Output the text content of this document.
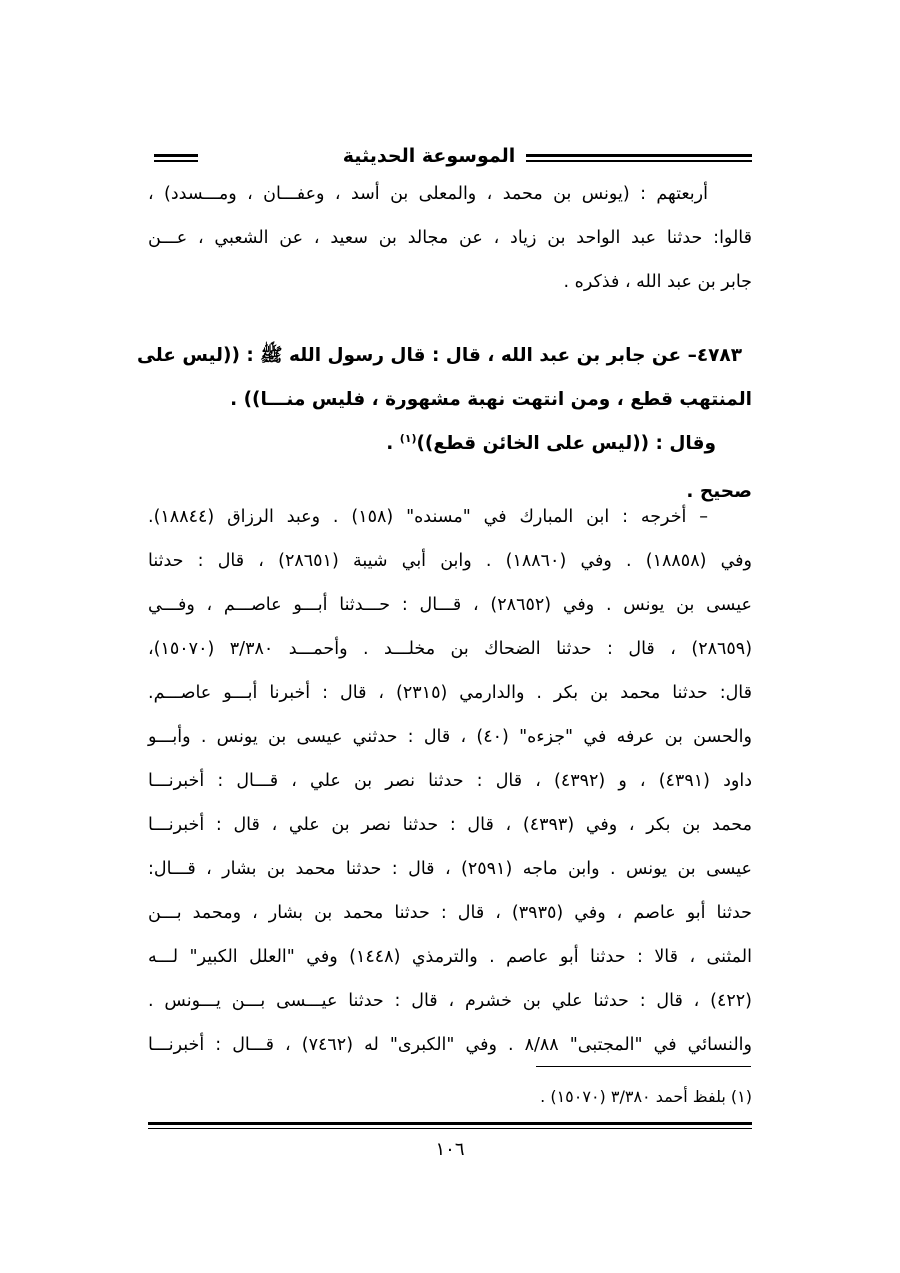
الموسوعة الحديثية
أربعتهم : (يونس بن محمد ، والمعلى بن أسد ، وعفـــان ، ومـــسدد) ،
قالوا: حدثنا عبد الواحد بن زياد ، عن مجالد بن سعيد ، عن الشعبي ، عـــن
جابر بن عبد الله ، فذكره .
٤٧٨٣– عن جابر بن عبد الله ، قال : قال رسول الله ﷺ : ((ليس على
المنتهب قطع ، ومن انتهت نهبة مشهورة ، فليس منـــا)) .
وقال : ((ليس على الخائن قطع))$^{(١)}$ .
صحيح .
– أخرجه : ابن المبارك في "مسنده" (١٥٨) . وعبد الرزاق (١٨٨٤٤).
وفي (١٨٨٥٨) . وفي (١٨٨٦٠) . وابن أبي شيبة (٢٨٦٥١) ، قال : حدثنا
عيسى بن يونس . وفي (٢٨٦٥٢) ، قـــال : حـــدثنا أبـــو عاصـــم ، وفـــي
(٢٨٦٥٩) ، قال : حدثنا الضحاك بن مخلـــد . وأحمـــد ٣/٣٨٠ (١٥٠٧٠)،
قال: حدثنا محمد بن بكر . والدارمي (٢٣١٥) ، قال : أخبرنا أبـــو عاصـــم.
والحسن بن عرفه في "جزءه" (٤٠) ، قال : حدثني عيسى بن يونس . وأبـــو
داود (٤٣٩١) ، و (٤٣٩٢) ، قال : حدثنا نصر بن علي ، قـــال : أخبرنـــا
محمد بن بكر ، وفي (٤٣٩٣) ، قال : حدثنا نصر بن علي ، قال : أخبرنـــا
عيسى بن يونس . وابن ماجه (٢٥٩١) ، قال : حدثنا محمد بن بشار ، قـــال:
حدثنا أبو عاصم ، وفي (٣٩٣٥) ، قال : حدثنا محمد بن بشار ، ومحمد بـــن
المثنى ، قالا : حدثنا أبو عاصم . والترمذي (١٤٤٨) وفي "العلل الكبير" لـــه
(٤٢٢) ، قال : حدثنا علي بن خشرم ، قال : حدثنا عيـــسى بـــن يـــونس .
والنسائي في "المجتبى" ٨/٨٨ . وفي "الكبرى" له (٧٤٦٢) ، قـــال : أخبرنـــا
(١) بلفظ أحمد ٣/٣٨٠ (١٥٠٧٠) .
١٠٦
